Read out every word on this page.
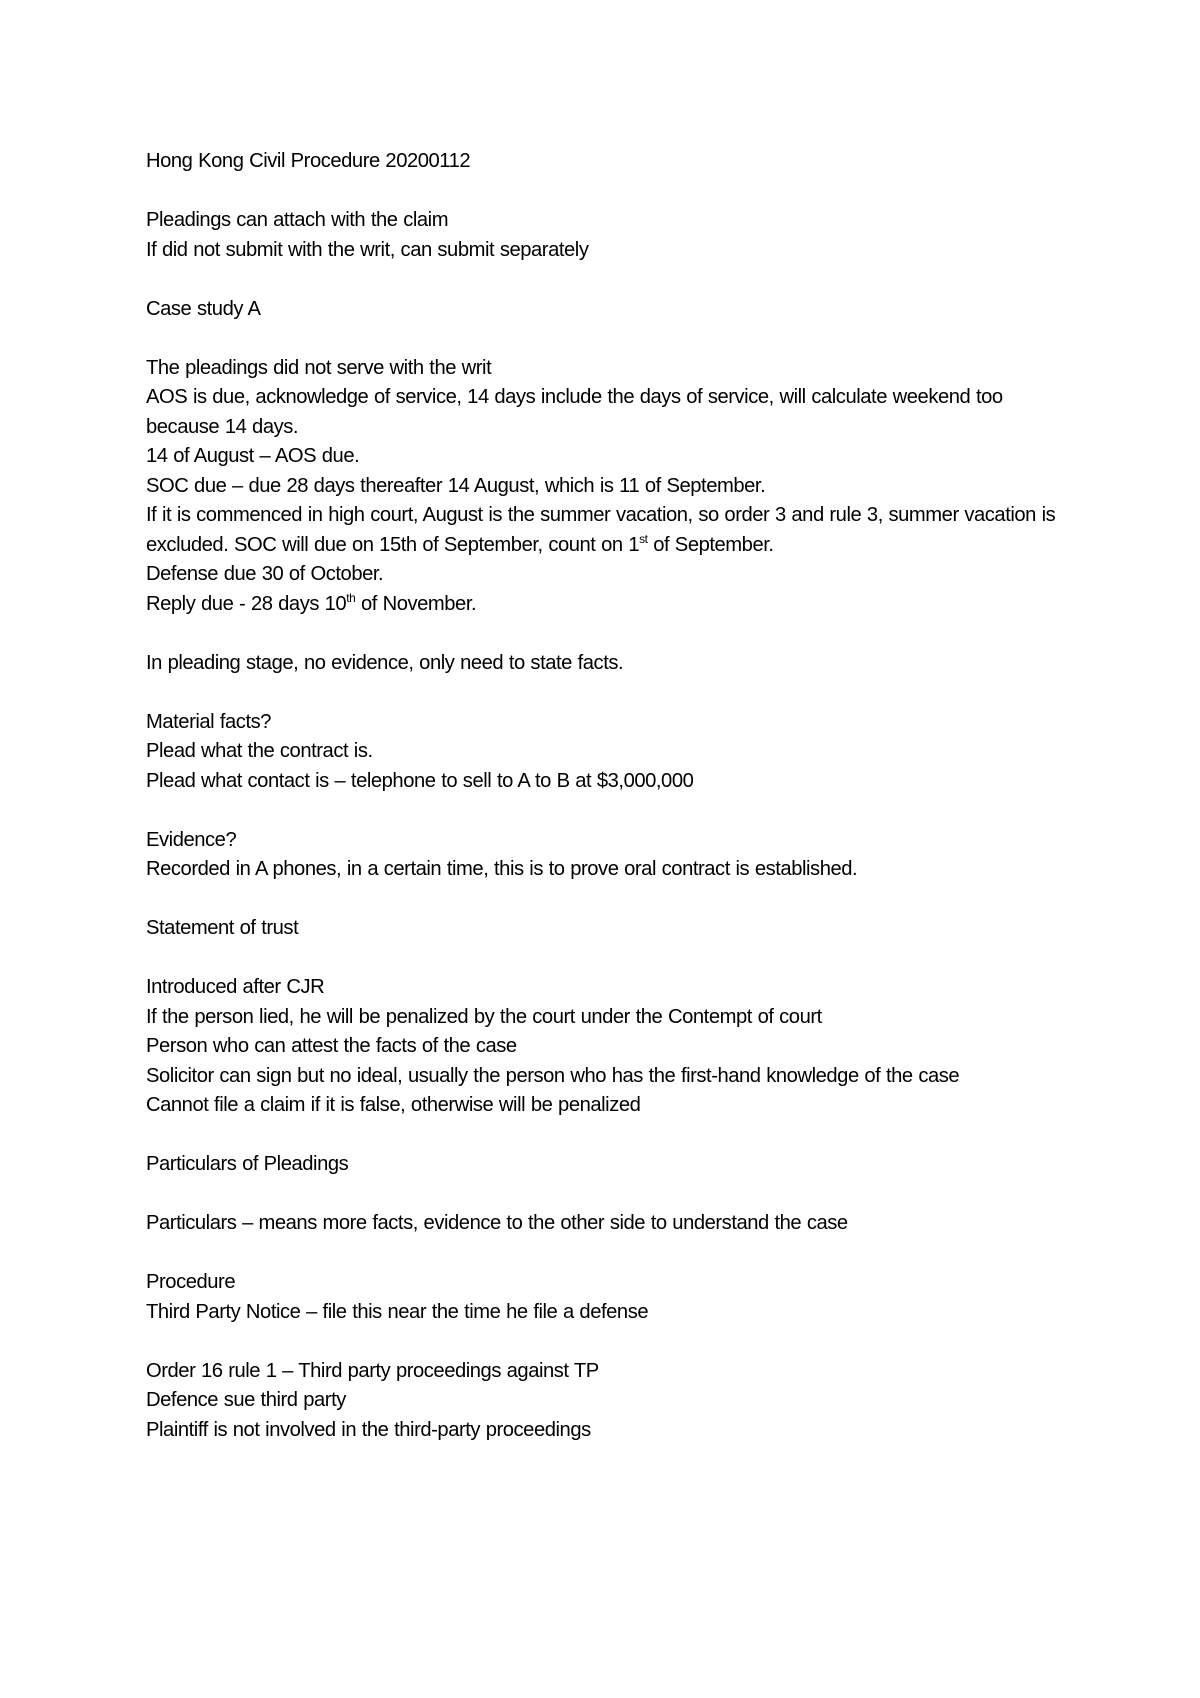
Hong Kong Civil Procedure 20200112
Pleadings can attach with the claim
If did not submit with the writ, can submit separately
Case study A
The pleadings did not serve with the writ
AOS is due, acknowledge of service, 14 days include the days of service, will calculate weekend too because 14 days.
14 of August – AOS due.
SOC due – due 28 days thereafter 14 August, which is 11 of September.
If it is commenced in high court, August is the summer vacation, so order 3 and rule 3, summer vacation is excluded. SOC will due on 15th of September, count on 1st of September.
Defense due 30 of October.
Reply due - 28 days 10th of November.
In pleading stage, no evidence, only need to state facts.
Material facts?
Plead what the contract is.
Plead what contact is – telephone to sell to A to B at $3,000,000
Evidence?
Recorded in A phones, in a certain time, this is to prove oral contract is established.
Statement of trust
Introduced after CJR
If the person lied, he will be penalized by the court under the Contempt of court
Person who can attest the facts of the case
Solicitor can sign but no ideal, usually the person who has the first-hand knowledge of the case
Cannot file a claim if it is false, otherwise will be penalized
Particulars of Pleadings
Particulars – means more facts, evidence to the other side to understand the case
Procedure
Third Party Notice – file this near the time he file a defense
Order 16 rule 1 – Third party proceedings against TP
Defence sue third party
Plaintiff is not involved in the third-party proceedings
